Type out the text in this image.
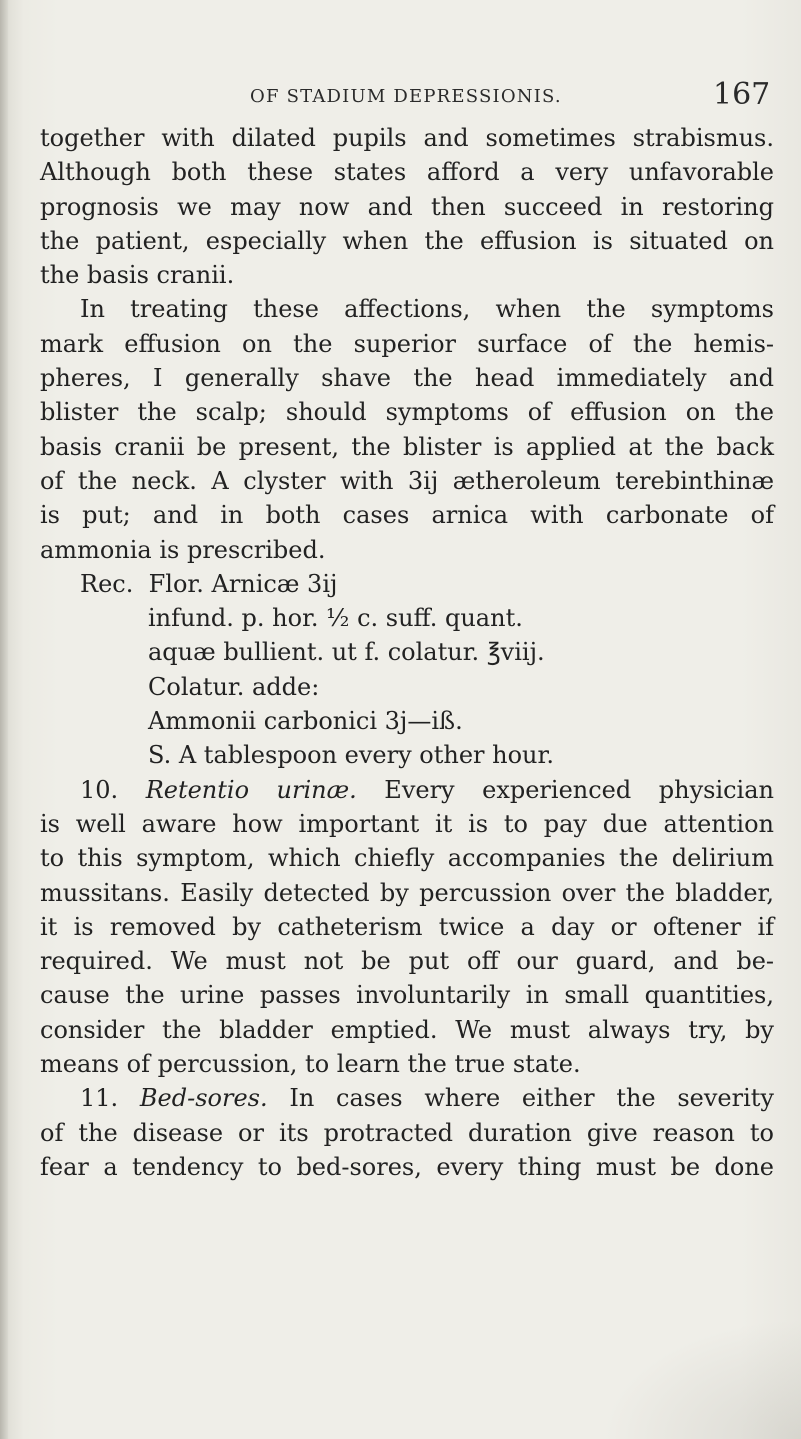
OF STADIUM DEPRESSIONIS.	167
together with dilated pupils and sometimes strabismus.
Although both these states afford a very unfavorable
prognosis we may now and then succeed in restoring
the patient, especially when the effusion is situated on
the basis cranii.
In treating these affections, when the symptoms
mark effusion on the superior surface of the hemis-
pheres, I generally shave the head immediately and
blister the scalp; should symptoms of effusion on the
basis cranii be present, the blister is applied at the back
of the neck. A clyster with 3ij ætheroleum terebinthinæ
is put; and in both cases arnica with carbonate of
ammonia is prescribed.
Rec. Flor. Arnicæ 3ij
infund. p. hor. ½ c. suff. quant.
aquæ bullient. ut f. colatur. ℥viij.
Colatur. adde:
Ammonii carbonici 3j—iß.
S. A tablespoon every other hour.
10. Retentio urinæ. Every experienced physician
is well aware how important it is to pay due attention
to this symptom, which chiefly accompanies the delirium
mussitans. Easily detected by percussion over the bladder,
it is removed by catheterism twice a day or oftener if
required. We must not be put off our guard, and be-
cause the urine passes involuntarily in small quantities,
consider the bladder emptied. We must always try, by
means of percussion, to learn the true state.
11. Bed-sores. In cases where either the severity
of the disease or its protracted duration give reason to
fear a tendency to bed-sores, every thing must be done
